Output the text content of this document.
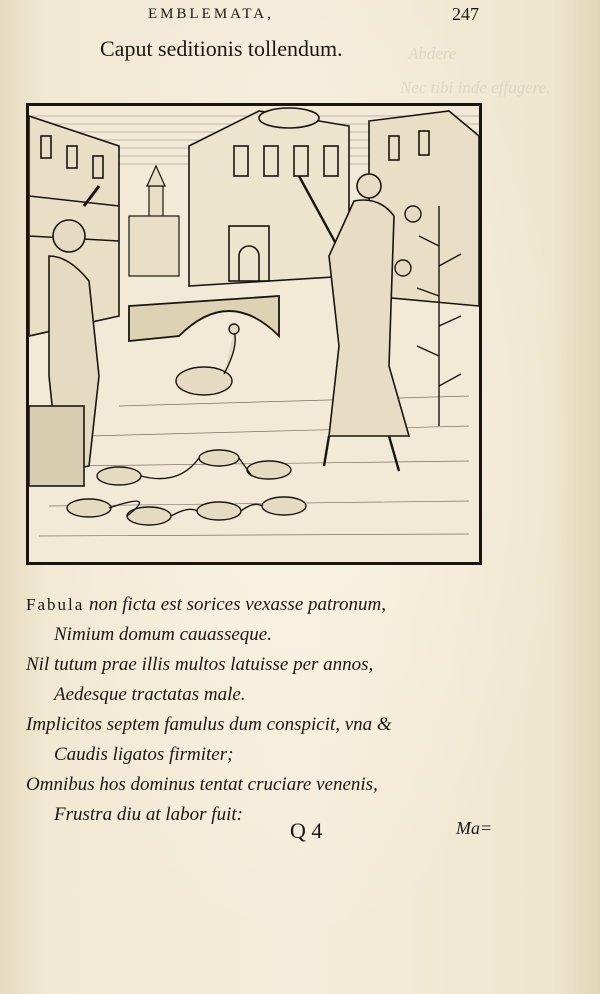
Abdere
Nec tibi inde effugere.
EMBLEMATA,	247
Caput seditionis tollendum.
Fabula non ficta est sorices vexasse patronum,
Nimium domum cauasseque.
Nil tutum prae illis multos latuisse per annos,
Aedesque tractatas male.
Implicitos septem famulus dum conspicit, vna &
Caudis ligatos firmiter;
Omnibus hos dominus tentat cruciare venenis,
Frustra diu at labor fuit:
Q 4	Ma=
